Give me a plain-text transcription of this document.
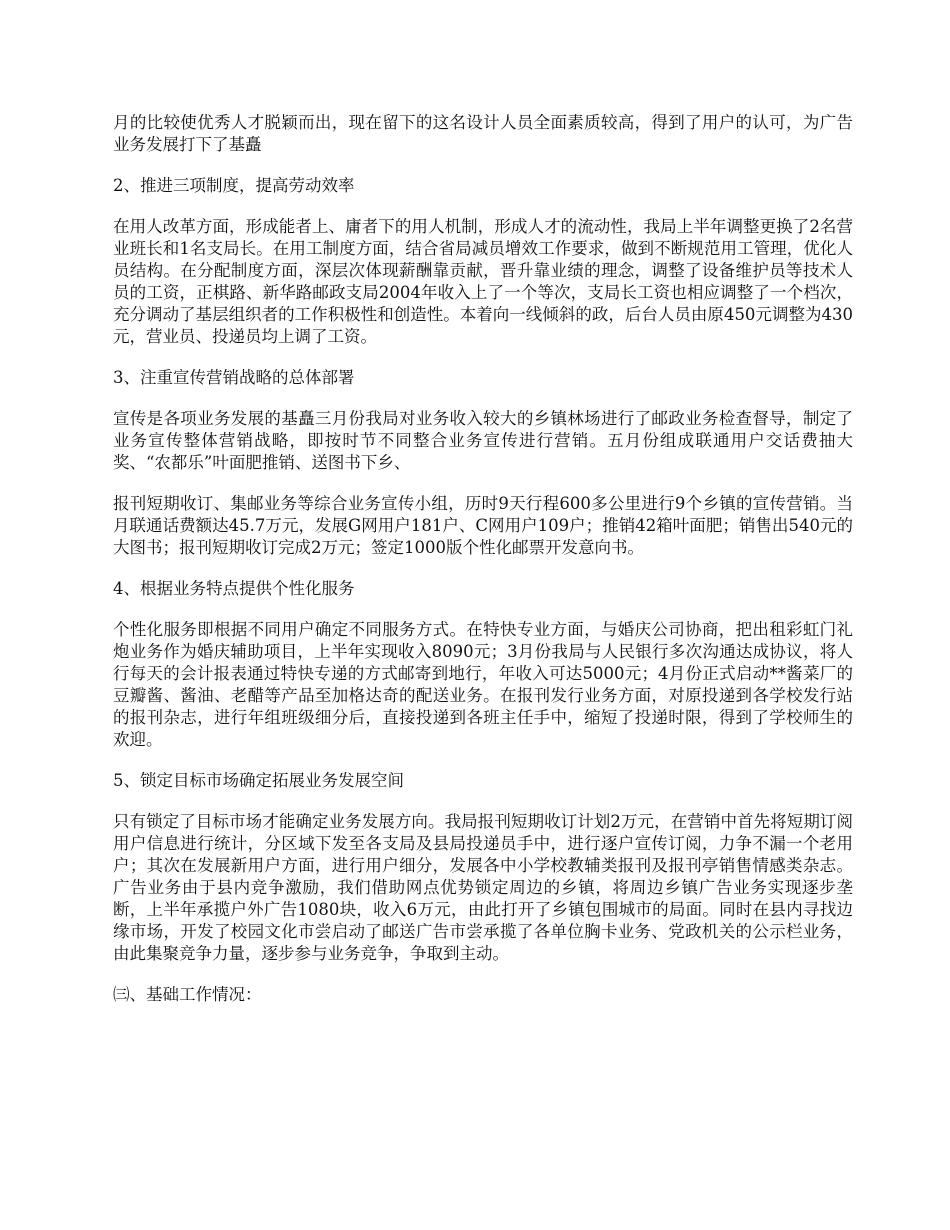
月的比较使优秀人才脱颖而出，现在留下的这名设计人员全面素质较高，得到了用户的认可，为广告业务发展打下了基矗

2、推进三项制度，提高劳动效率

在用人改革方面，形成能者上、庸者下的用人机制，形成人才的流动性，我局上半年调整更换了2名营业班长和1名支局长。在用工制度方面，结合省局减员增效工作要求，做到不断规范用工管理，优化人员结构。在分配制度方面，深层次体现薪酬靠贡献，晋升靠业绩的理念，调整了设备维护员等技术人员的工资，正棋路、新华路邮政支局2004年收入上了一个等次，支局长工资也相应调整了一个档次，充分调动了基层组织者的工作积极性和创造性。本着向一线倾斜的政，后台人员由原450元调整为430元，营业员、投递员均上调了工资。

3、注重宣传营销战略的总体部署

宣传是各项业务发展的基矗三月份我局对业务收入较大的乡镇林场进行了邮政业务检查督导，制定了业务宣传整体营销战略，即按时节不同整合业务宣传进行营销。五月份组成联通用户交话费抽大奖、“农都乐”叶面肥推销、送图书下乡、

报刊短期收订、集邮业务等综合业务宣传小组，历时9天行程600多公里进行9个乡镇的宣传营销。当月联通话费额达45.7万元，发展G网用户181户、C网用户109户；推销42箱叶面肥；销售出540元的大图书；报刊短期收订完成2万元；签定1000版个性化邮票开发意向书。

4、根据业务特点提供个性化服务

个性化服务即根据不同用户确定不同服务方式。在特快专业方面，与婚庆公司协商，把出租彩虹门礼炮业务作为婚庆辅助项目，上半年实现收入8090元；3月份我局与人民银行多次沟通达成协议，将人行每天的会计报表通过特快专递的方式邮寄到地行，年收入可达5000元；4月份正式启动**酱菜厂的豆瓣酱、酱油、老醋等产品至加格达奇的配送业务。在报刊发行业务方面，对原投递到各学校发行站的报刊杂志，进行年组班级细分后，直接投递到各班主任手中，缩短了投递时限，得到了学校师生的欢迎。

5、锁定目标市场确定拓展业务发展空间

只有锁定了目标市场才能确定业务发展方向。我局报刊短期收订计划2万元，在营销中首先将短期订阅用户信息进行统计，分区域下发至各支局及县局投递员手中，进行逐户宣传订阅，力争不漏一个老用户；其次在发展新用户方面，进行用户细分，发展各中小学校教辅类报刊及报刊亭销售情感类杂志。广告业务由于县内竞争激励，我们借助网点优势锁定周边的乡镇，将周边乡镇广告业务实现逐步垄断，上半年承揽户外广告1080块，收入6万元，由此打开了乡镇包围城市的局面。同时在县内寻找边缘市场，开发了校园文化市尝启动了邮送广告市尝承揽了各单位胸卡业务、党政机关的公示栏业务，由此集聚竞争力量，逐步参与业务竞争，争取到主动。

㈢、基础工作情况：
